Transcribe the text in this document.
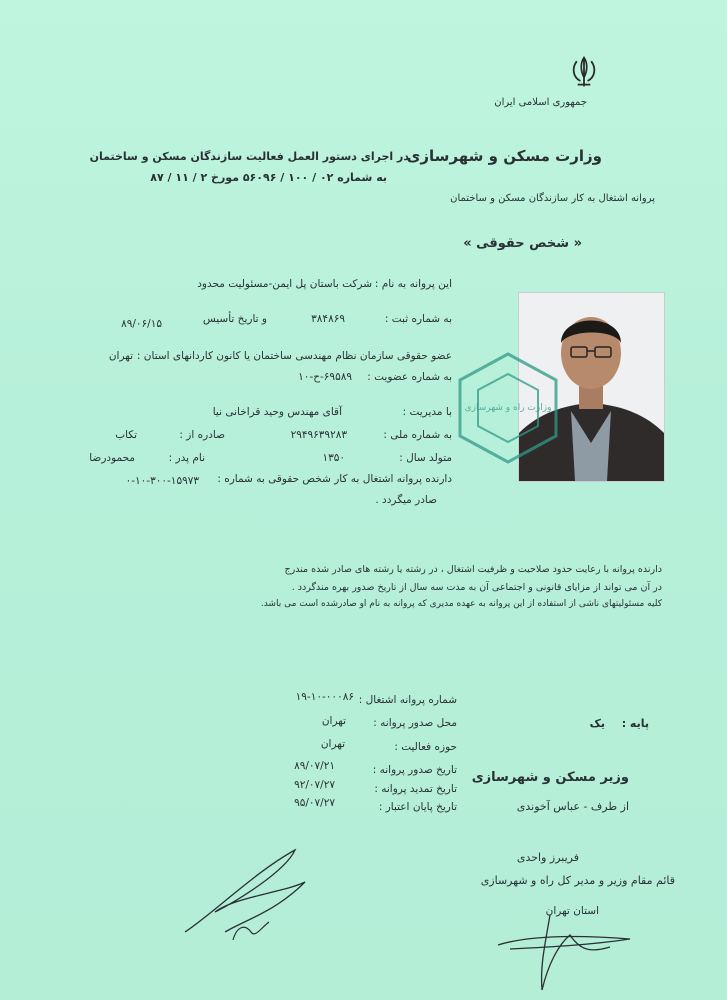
جمهوری اسلامی ایران
وزارت مسکن و شهرسازی
پروانه اشتغال به کار سازندگان مسکن و ساختمان
« شخص حقوقی »
در اجرای دستور العمل فعالیت سازندگان مسکن و ساختمان
به شماره ۰۲ / ۱۰۰ / ۵۶۰۹۶ مورخ ۲ / ۱۱ / ۸۷
این پروانه به نام :
شرکت باستان پل ایمن-مسئولیت محدود
به شماره ثبت :
۳۸۴۸۶۹
و تاریخ تأسیس
۸۹/۰۶/۱۵
عضو حقوقی سازمان نظام مهندسی ساختمان یا کانون کاردانهای استان :
تهران
به شماره عضویت :
۶۹۵۸۹-ح-۱۰
با مدیریت :
آقای مهندس وحید قراخانی نیا
به شماره ملی :
۲۹۴۹۶۳۹۲۸۳
صادره از :
تکاب
متولد سال :
۱۳۵۰
نام پدر :
محمودرضا
دارنده پروانه اشتغال به کار شخص حقوقی به شماره :
۰-۱۰-۳۰۰-۱۵۹۷۳
صادر میگردد .
وزارت راه و شهرسازی
دارنده پروانه با رعایت حدود صلاحیت و ظرفیت اشتغال ، در رشته یا رشته های صادر شده مندرج
در آن می تواند از مزایای قانونی و اجتماعی آن به مدت سه سال از تاریخ صدور بهره مندگردد .
کلیه مسئولیتهای ناشی از استفاده از این پروانه به عهده مدیری که پروانه به نام او صادرشده است می باشد.
شماره پروانه اشتغال :
۱۹-۱۰-۰۰۰۸۶
محل صدور پروانه :
تهران
حوزه فعالیت :
تهران
تاریخ صدور پروانه :
۸۹/۰۷/۲۱
تاریخ تمدید پروانه :
۹۲/۰۷/۲۷
تاریخ پایان اعتبار :
۹۵/۰۷/۲۷
پایه :
یک
وزیر مسکن و شهرسازی
از طرف - عباس آخوندی
فریبرز واحدی
قائم مقام وزیر و مدیر کل راه و شهرسازی
استان تهران
